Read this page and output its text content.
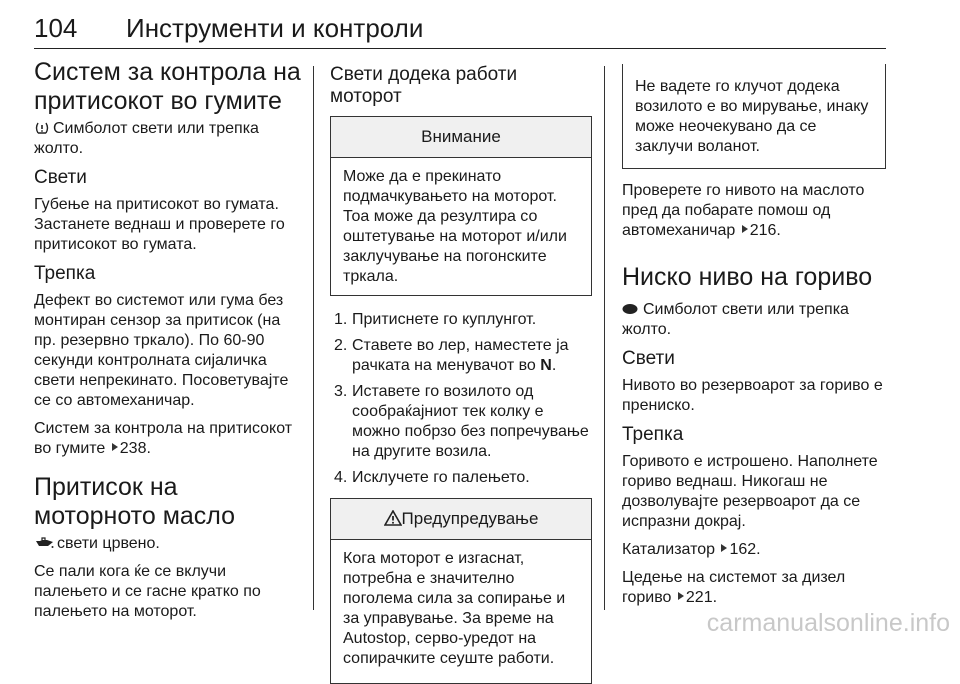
104 Инструменти и контроли
Систем за контрола на притисокот во гумите

Симболот свети или трепка жолто.

Свети

Губење на притисокот во гумата. Застанете веднаш и проверете го притисокот во гумата.

Трепка

Дефект во системот или гума без монтиран сензор за притисок (на пр. резервно тркало). По 60-90 секунди контролната сијаличка свети непрекинато. Посоветувајте се со автомеханичар.

Систем за контрола на притисокот во гумите 238.

Притисок на моторното масло

свети црвено.

Се пали кога ќе се вклучи палењето и се гасне кратко по палењето на моторот.

Свети додека работи моторот
Внимание

Може да е прекинато подмачкувањето на моторот. Тоа може да резултира со оштетување на моторот и/или заклучување на погонските тркала.

1. Притиснете го куплунгот.
2. Ставете во лер, наместете ја рачката на менувачот во N.
3. Иставете го возилото од сообраќајниот тек колку е можно побрзо без попречување на другите возила.
4. Исклучете го палењето.
Предупредување

Кога моторот е изгаснат, потребна е значително поголема сила за сопирање и за управување. За време на Autostop, серво-уредот на сопирачките сеуште работи.

Не вадете го клучот додека возилото е во мирување, инаку може неочекувано да се заклучи воланот.

Проверете го нивото на маслото пред да побарате помош од автомеханичар 216.

Ниско ниво на гориво

Симболот свети или трепка жолто.

Свети

Нивото во резервоарот за гориво е прениско.

Трепка

Горивото е истрошено. Наполнете гориво веднаш. Никогаш не дозволувајте резервоарот да се испразни докрај.

Катализатор 162.

Цедење на системот за дизел гориво 221.

carmanualsonline.info
